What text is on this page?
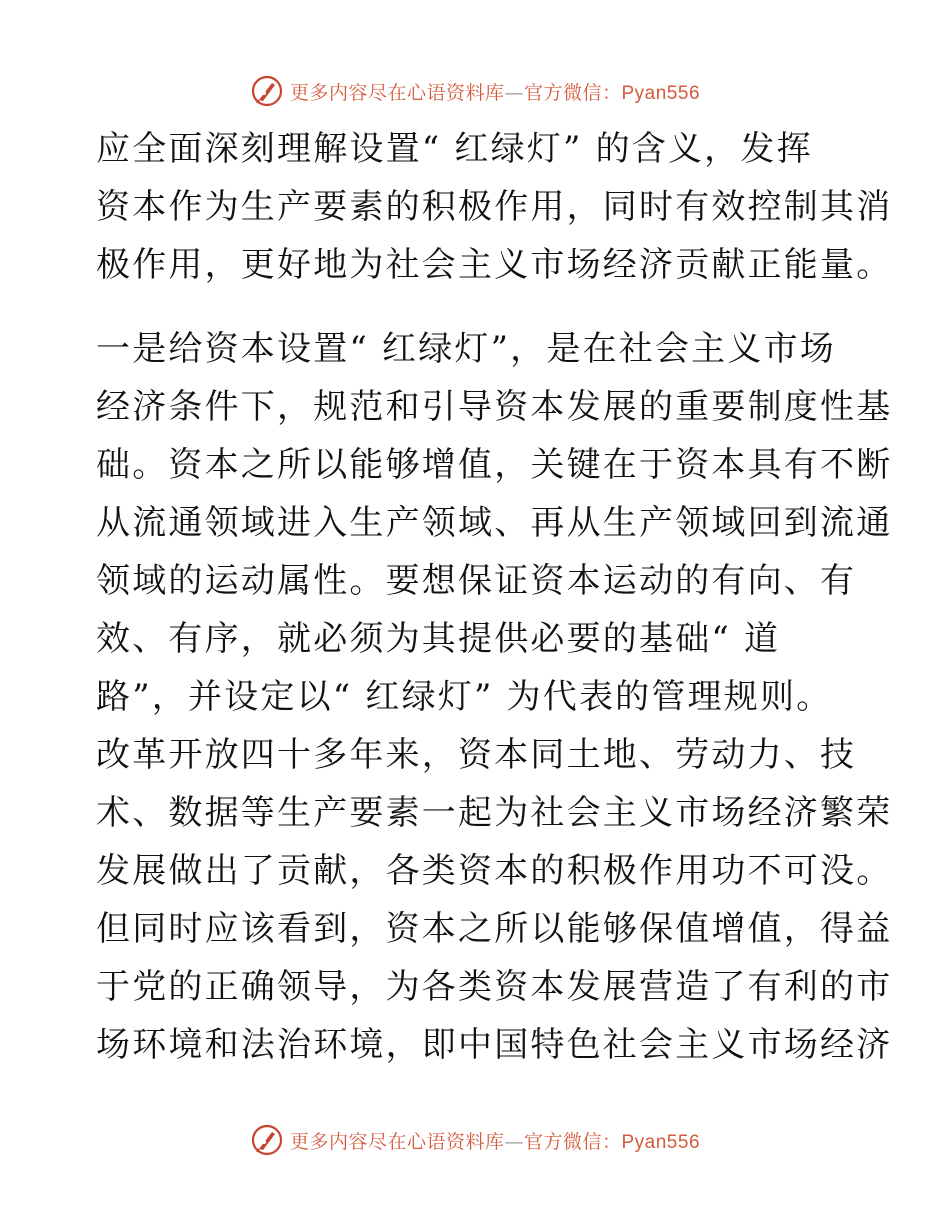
更多内容尽在心语资料库—官方微信：Pyan556
应全面深刻理解设置“ 红绿灯” 的含义，发挥
资本作为生产要素的积极作用，同时有效控制其消
极作用，更好地为社会主义市场经济贡献正能量。
一是给资本设置“ 红绿灯”，是在社会主义市场
经济条件下，规范和引导资本发展的重要制度性基
础。资本之所以能够增值，关键在于资本具有不断
从流通领域进入生产领域、再从生产领域回到流通
领域的运动属性。要想保证资本运动的有向、有
效、有序，就必须为其提供必要的基础“ 道
路”，并设定以“ 红绿灯” 为代表的管理规则。
改革开放四十多年来，资本同土地、劳动力、技
术、数据等生产要素一起为社会主义市场经济繁荣
发展做出了贡献，各类资本的积极作用功不可没。
但同时应该看到，资本之所以能够保值增值，得益
于党的正确领导，为各类资本发展营造了有利的市
场环境和法治环境，即中国特色社会主义市场经济
更多内容尽在心语资料库—官方微信：Pyan556
